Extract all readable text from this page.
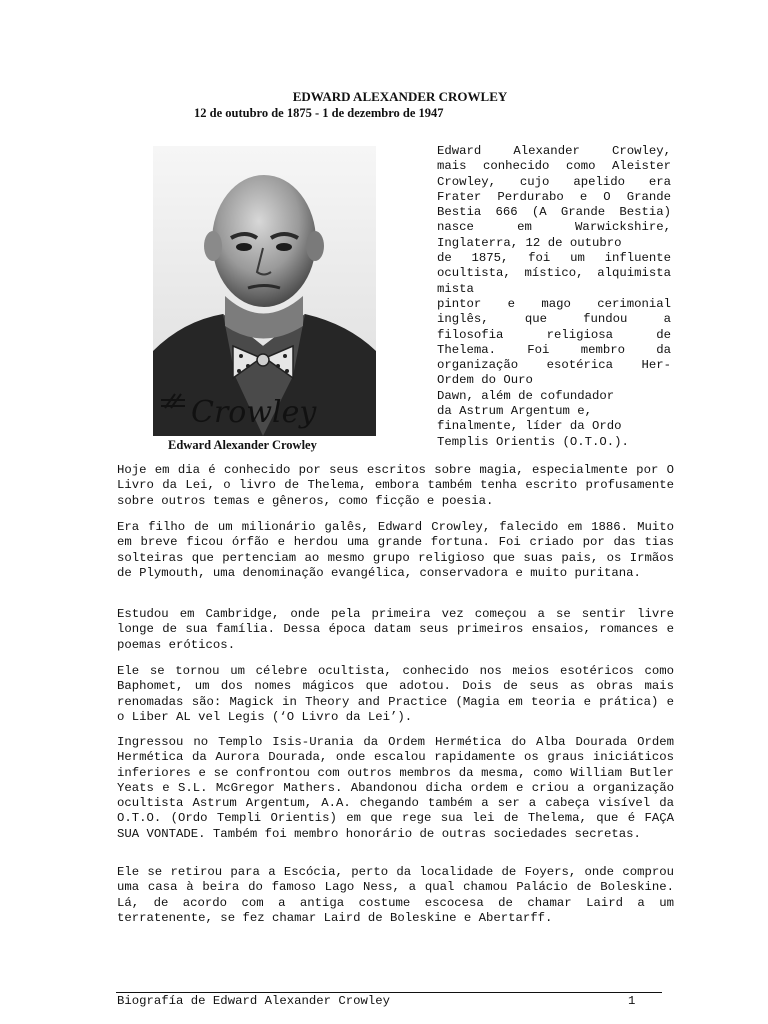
EDWARD ALEXANDER CROWLEY
12 de outubro de 1875 - 1 de dezembro de 1947
Crowley
Edward Alexander Crowley

Edward Alexander Crowley,

mais conhecido como Aleister

Crowley, cujo apelido era

Frater Perdurabo e O Grande

Bestia 666 (A Grande Bestia)

nasce em Warwickshire,

Inglaterra, 12 de outubro

de 1875, foi um influente

ocultista, místico, alquimista

mista

pintor e mago cerimonial

inglês, que fundou a

filosofia religiosa de

Thelema. Foi membro da

organização esotérica Her-

Ordem do Ouro

Dawn, além de cofundador

da Astrum Argentum e,

finalmente, líder da Ordo

Templis Orientis (O.T.O.).

Hoje em dia é conhecido por seus escritos sobre magia, especialmente por O Livro da Lei, o livro de Thelema, embora também tenha escrito profusamente sobre outros temas e gêneros, como ficção e poesia.

Era filho de um milionário galês, Edward Crowley, falecido em 1886. Muito em breve ficou órfão e herdou uma grande fortuna. Foi criado por das tias solteiras que pertenciam ao mesmo grupo religioso que suas pais, os Irmãos de Plymouth, uma denominação evangélica, conservadora e muito puritana.

Estudou em Cambridge, onde pela primeira vez começou a se sentir livre longe de sua família. Dessa época datam seus primeiros ensaios, romances e poemas eróticos.

Ele se tornou um célebre ocultista, conhecido nos meios esotéricos como Baphomet, um dos nomes mágicos que adotou. Dois de seus as obras mais renomadas são: Magick in Theory and Practice (Magia em teoria e prática) e o Liber AL vel Legis (‘O Livro da Lei’).

Ingressou no Templo Isis-Urania da Ordem Hermética do Alba Dourada Ordem Hermética da Aurora Dourada, onde escalou rapidamente os graus iniciáticos inferiores e se confrontou com outros membros da mesma, como William Butler Yeats e S.L. McGregor Mathers. Abandonou dicha ordem e criou a organização ocultista Astrum Argentum, A.A. chegando também a ser a cabeça visível da O.T.O. (Ordo Templi Orientis) em que rege sua lei de Thelema, que é FAÇA SUA VONTADE. Também foi membro honorário de outras sociedades secretas.

Ele se retirou para a Escócia, perto da localidade de Foyers, onde comprou uma casa à beira do famoso Lago Ness, a qual chamou Palácio de Boleskine. Lá, de acordo com a antiga costume escocesa de chamar Laird a um terratenente, se fez chamar Laird de Boleskine e Abertarff.

Biografía de Edward Alexander Crowley	1
